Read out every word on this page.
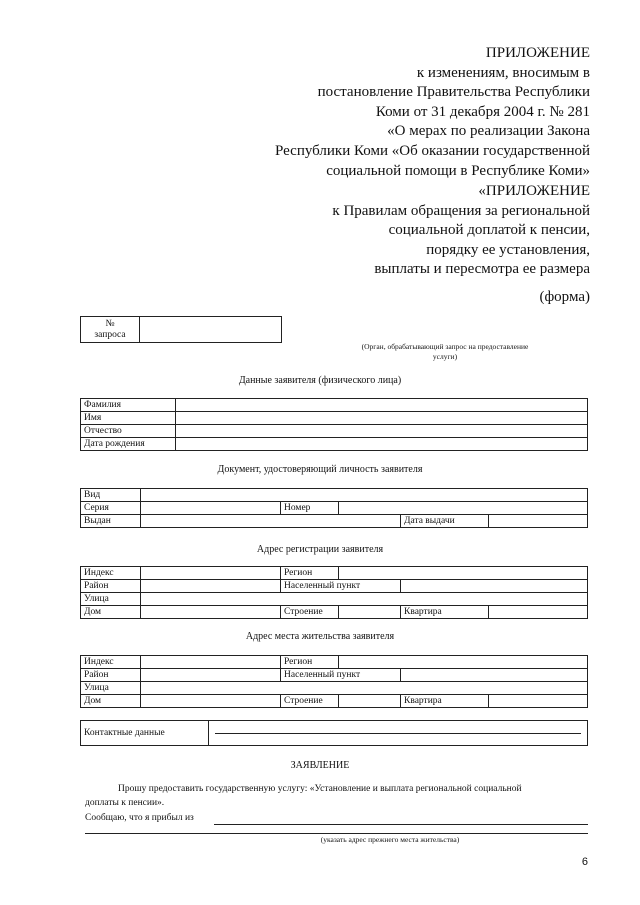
ПРИЛОЖЕНИЕ
к изменениям, вносимым в
постановление Правительства Республики
Коми от 31 декабря 2004 г. № 281
«О мерах по реализации Закона
Республики Коми «Об оказании государственной
социальной помощи в Республике Коми»
«ПРИЛОЖЕНИЕ
к Правилам обращения за региональной
социальной доплатой к пенсии,
порядку ее установления,
выплаты и пересмотра ее размера
(форма)
№
запроса

(Орган, обрабатывающий запрос на предоставление
услуги)
Данные заявителя (физического лица)
Фамилия	
Имя	
Отчество	
Дата рождения	
Документ, удостоверяющий личность заявителя
Вид					
Серия		Номер			
Выдан				Дата выдачи	
Адрес регистрации заявителя
Индекс		Регион			
Район		Населенный пункт			
Улица					
Дом		Строение		Квартира	
Адрес места жительства заявителя
Индекс		Регион			
Район		Населенный пункт			
Улица					
Дом		Строение		Квартира	
Контактные данные	
ЗАЯВЛЕНИЕ
Прошу предоставить государственную услугу: «Установление и выплата региональной социальной
доплаты к пенсии».
Сообщаю, что я прибыл из
(указать адрес прежнего места жительства)
6
